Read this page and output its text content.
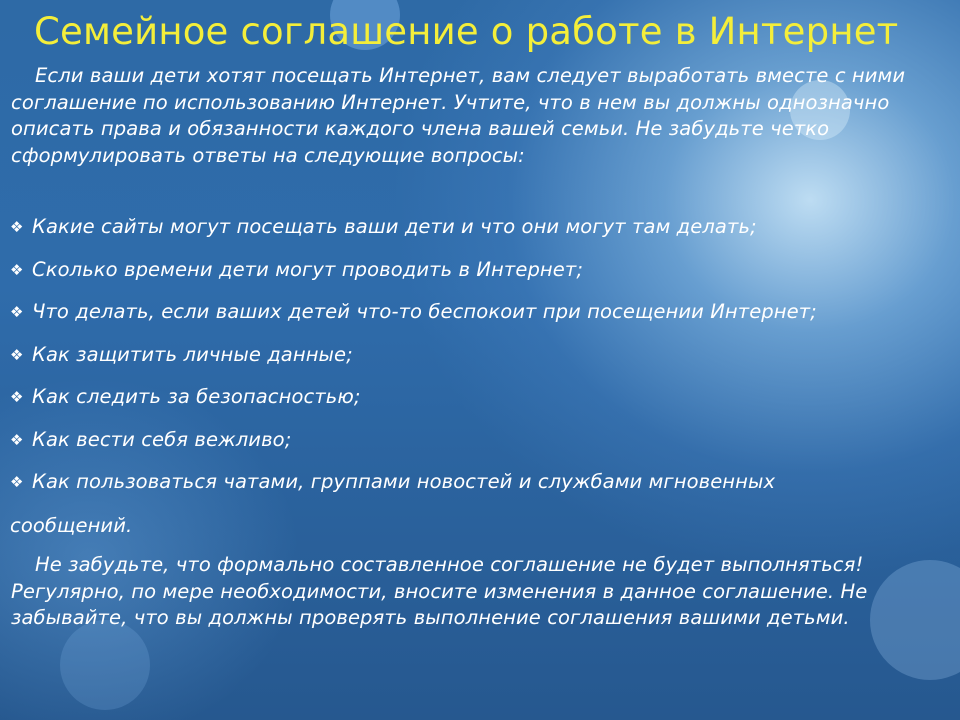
Семейное соглашение о работе в Интернет

Если ваши дети хотят посещать Интернет, вам следует выработать вместе с ними соглашение по использованию Интернет. Учтите, что в нем вы должны однозначно описать права и обязанности каждого члена вашей семьи. Не забудьте четко сформулировать ответы на следующие вопросы:

❖ Какие сайты могут посещать ваши дети и что они могут там делать;
❖ Сколько времени дети могут проводить в Интернет;
❖ Что делать, если ваших детей что-то беспокоит при посещении Интернет;
❖ Как защитить личные данные;
❖ Как следить за безопасностью;
❖ Как вести себя вежливо;
❖ Как пользоваться чатами, группами новостей и службами мгновенных
сообщений.

Не забудьте, что формально составленное соглашение не будет выполняться! Регулярно, по мере необходимости, вносите изменения в данное соглашение. Не забывайте, что вы должны проверять выполнение соглашения вашими детьми.
